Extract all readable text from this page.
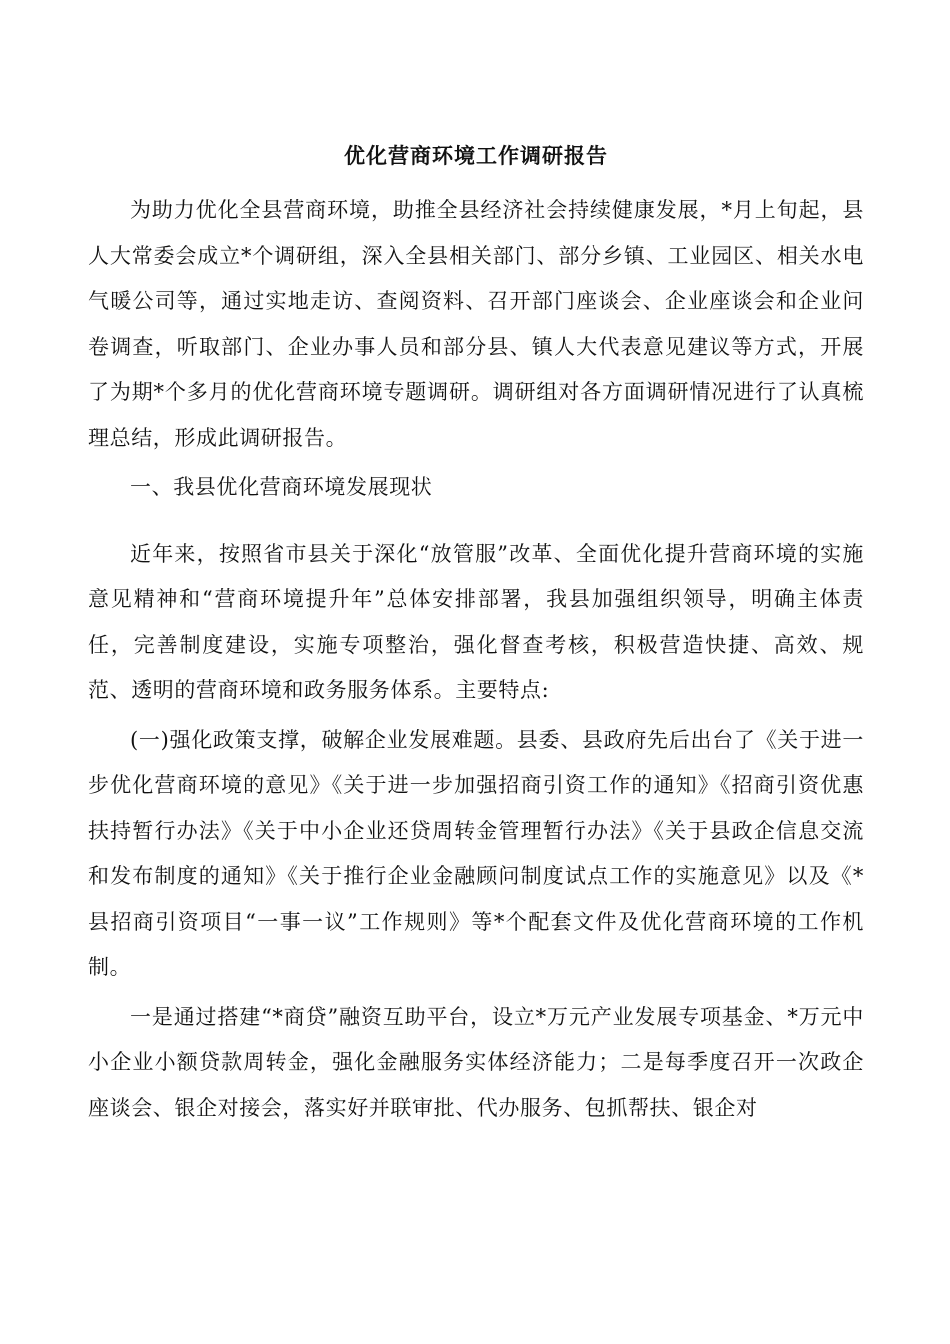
优化营商环境工作调研报告

为助力优化全县营商环境，助推全县经济社会持续健康发展，*月上旬起，县人大常委会成立*个调研组，深入全县相关部门、部分乡镇、工业园区、相关水电气暖公司等，通过实地走访、查阅资料、召开部门座谈会、企业座谈会和企业问卷调查，听取部门、企业办事人员和部分县、镇人大代表意见建议等方式，开展了为期*个多月的优化营商环境专题调研。调研组对各方面调研情况进行了认真梳理总结，形成此调研报告。

一、我县优化营商环境发展现状

近年来，按照省市县关于深化“放管服”改革、全面优化提升营商环境的实施意见精神和“营商环境提升年”总体安排部署，我县加强组织领导，明确主体责任，完善制度建设，实施专项整治，强化督查考核，积极营造快捷、高效、规范、透明的营商环境和政务服务体系。主要特点:

(一)强化政策支撑，破解企业发展难题。县委、县政府先后出台了《关于进一步优化营商环境的意见》《关于进一步加强招商引资工作的通知》《招商引资优惠扶持暂行办法》《关于中小企业还贷周转金管理暂行办法》《关于县政企信息交流和发布制度的通知》《关于推行企业金融顾问制度试点工作的实施意见》以及《*县招商引资项目“一事一议”工作规则》等*个配套文件及优化营商环境的工作机制。

一是通过搭建“*商贷”融资互助平台，设立*万元产业发展专项基金、*万元中小企业小额贷款周转金，强化金融服务实体经济能力；二是每季度召开一次政企座谈会、银企对接会，落实好并联审批、代办服务、包抓帮扶、银企对
